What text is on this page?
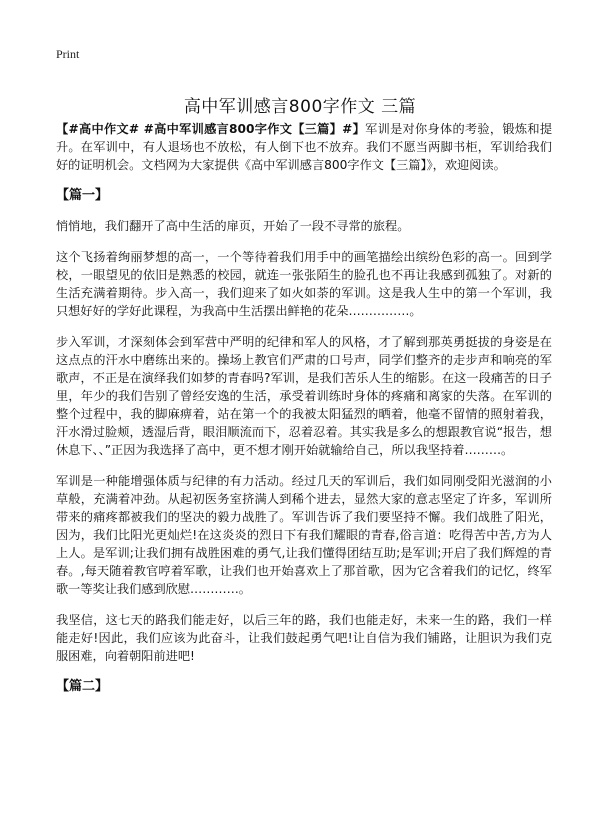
Print
高中军训感言800字作文 三篇

【#高中作文# #高中军训感言800字作文【三篇】#】军训是对你身体的考验，锻炼和提升。在军训中，有人退场也不放松，有人倒下也不放弃。我们不愿当两脚书柜，军训给我们好的证明机会。文档网为大家提供《高中军训感言800字作文【三篇】》，欢迎阅读。

【篇一】

悄悄地，我们翻开了高中生活的扉页，开始了一段不寻常的旅程。

这个飞扬着绚丽梦想的高一，一个等待着我们用手中的画笔描绘出缤纷色彩的高一。回到学校，一眼望见的依旧是熟悉的校园，就连一张张陌生的脸孔也不再让我感到孤独了。对新的生活充满着期待。步入高一，我们迎来了如火如荼的军训。这是我人生中的第一个军训，我只想好好的学好此课程，为我高中生活摆出鲜艳的花朵……………。

步入军训，才深刻体会到军营中严明的纪律和军人的风格，才了解到那英勇挺拔的身姿是在这点点的汗水中磨练出来的。操场上教官们严肃的口号声，同学们整齐的走步声和响亮的军歌声，不正是在演绎我们如梦的青春吗?军训，是我们苦乐人生的缩影。在这一段痛苦的日子里，年少的我们告别了曾经安逸的生活，承受着训练时身体的疼痛和离家的失落。在军训的整个过程中，我的脚麻痹着，站在第一个的我被太阳猛烈的晒着，他毫不留情的照射着我，汗水滑过脸颊，透湿后背，眼泪顺流而下，忍着忍着。其实我是多么的想跟教官说“报告，想休息下、、”正因为我选择了高中，更不想才刚开始就输给自己，所以我坚持着………。

军训是一种能增强体质与纪律的有力活动。经过几天的军训后，我们如同刚受阳光滋润的小草般，充满着冲劲。从起初医务室挤满人到稀个进去，显然大家的意志坚定了许多，军训所带来的痛疼都被我们的坚决的毅力战胜了。军训告诉了我们要坚持不懈。我们战胜了阳光，因为，我们比阳光更灿烂!在这炎炎的烈日下有我们耀眼的青春,俗言道：吃得苦中苦,方为人上人。是军训;让我们拥有战胜困难的勇气,让我们懂得团结互助;是军训;开启了我们辉煌的青春。,每天随着教官哼着军歌，让我们也开始喜欢上了那首歌，因为它含着我们的记忆，终军歌一等奖让我们感到欣慰…………。

我坚信，这七天的路我们能走好，以后三年的路，我们也能走好，未来一生的路，我们一样能走好!因此，我们应该为此奋斗，让我们鼓起勇气吧!让自信为我们铺路，让胆识为我们克服困难，向着朝阳前进吧!

【篇二】
